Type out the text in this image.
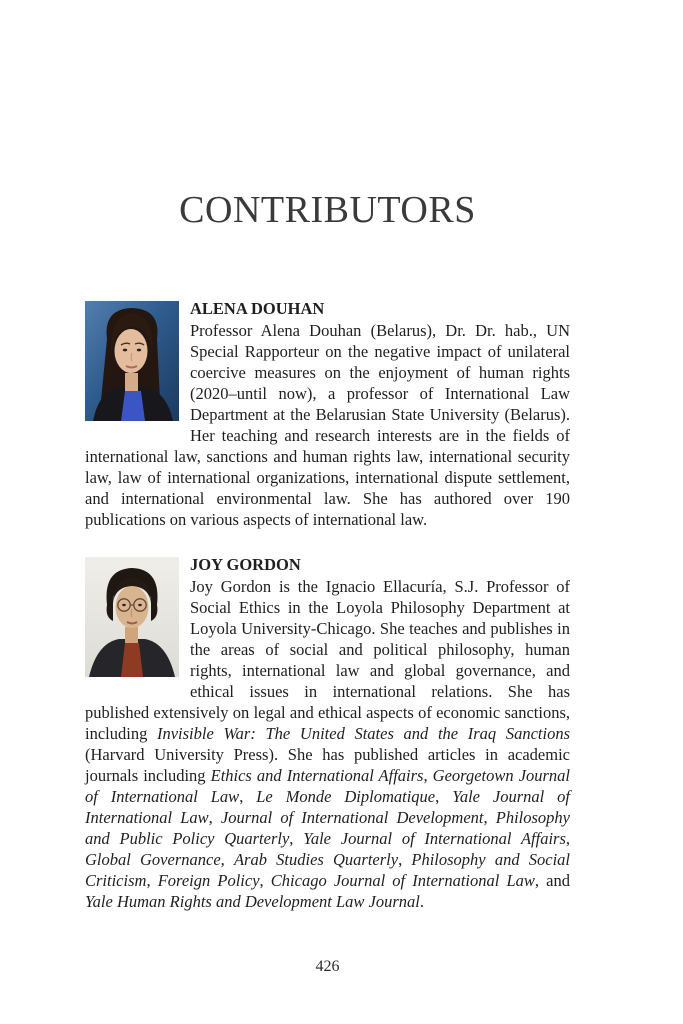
CONTRIBUTORS
ALENA DOUHAN

Professor Alena Douhan (Belarus), Dr. Dr. hab., UN Special Rapporteur on the negative impact of unilateral coercive measures on the enjoyment of human rights (2020–until now), a professor of International Law Department at the Belarusian State University (Belarus). Her teaching and research interests are in the fields of international law, sanctions and human rights law, international security law, law of international organizations, international dispute settlement, and international environmental law. She has authored over 190 publications on various aspects of international law.

JOY GORDON

Joy Gordon is the Ignacio Ellacuría, S.J. Professor of Social Ethics in the Loyola Philosophy Department at Loyola University-Chicago. She teaches and publishes in the areas of social and political philosophy, human rights, international law and global governance, and ethical issues in international relations. She has published extensively on legal and ethical aspects of economic sanctions, including Invisible War: The United States and the Iraq Sanctions (Harvard University Press). She has published articles in academic journals including Ethics and International Affairs, Georgetown Journal of International Law, Le Monde Diplomatique, Yale Journal of International Law, Journal of International Development, Philosophy and Public Policy Quarterly, Yale Journal of International Affairs, Global Governance, Arab Studies Quarterly, Philosophy and Social Criticism, Foreign Policy, Chicago Journal of International Law, and Yale Human Rights and Development Law Journal.

426
